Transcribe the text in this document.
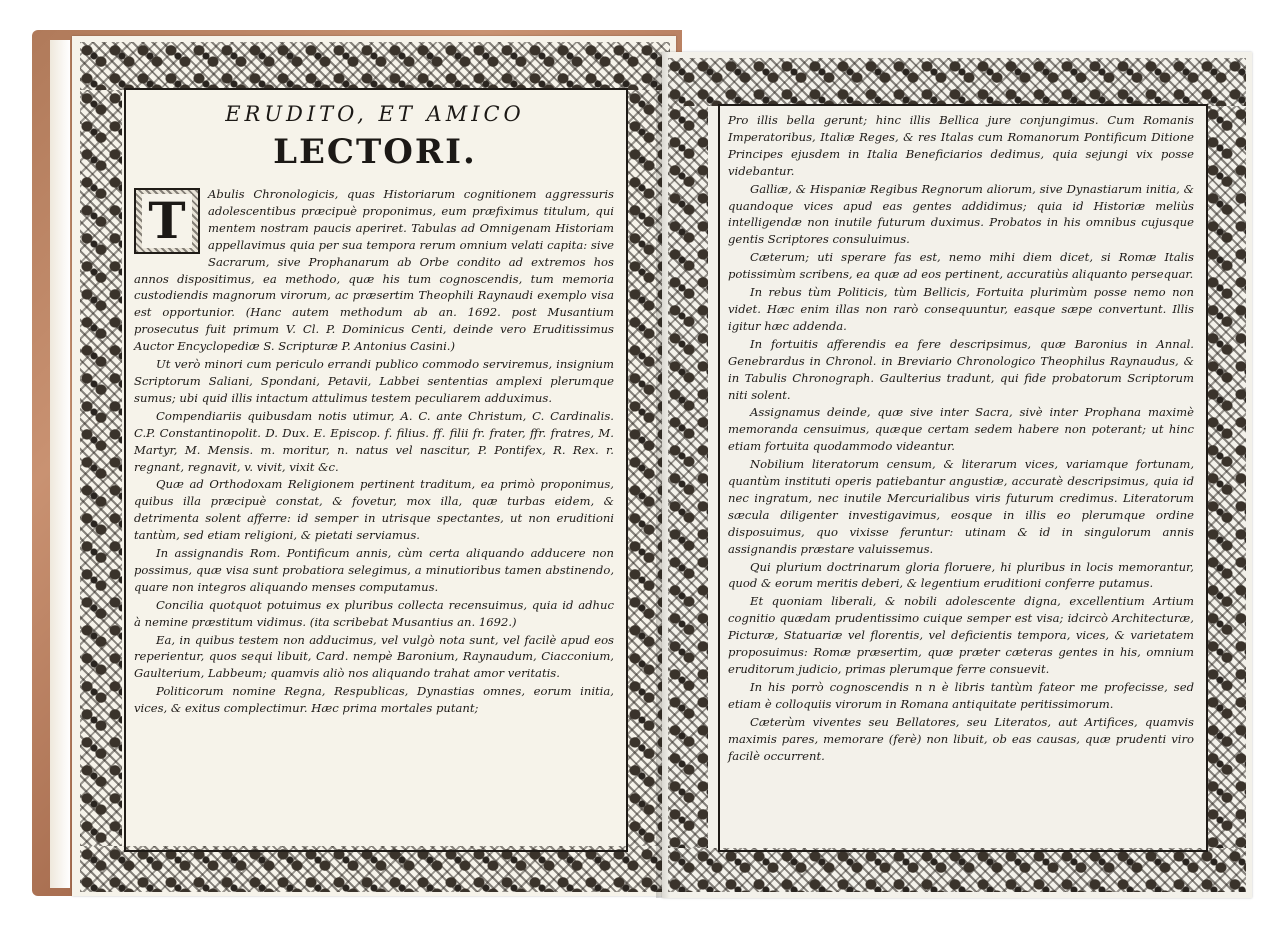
ERUDITO, ET AMICO
LECTORI.

T	Abulis Chronologicis, quas Historiarum cognitionem aggressuris adolescentibus præcipuè proponimus, eum præfiximus titulum, qui mentem nostram paucis aperiret. Tabulas ad Omnigenam Historiam appellavimus quia per sua tempora rerum omnium velati capita: sive Sacrarum, sive Prophanarum ab Orbe condito ad extremos hos annos dispositimus, ea methodo, quæ his tum cognoscendis, tum memoria custodiendis magnorum virorum, ac præsertim Theophili Raynaudi exemplo visa est opportunior. (Hanc autem methodum ab an. 1692. post Musantium prosecutus fuit primum V. Cl. P. Dominicus Centi, deinde vero Eruditissimus Auctor Encyclopediæ S. Scripturæ P. Antonius Casini.)

Ut verò minori cum periculo errandi publico commodo serviremus, insignium Scriptorum Saliani, Spondani, Petavii, Labbei sententias amplexi plerumque sumus; ubi quid illis intactum attulimus testem peculiarem adduximus.

Compendiariis quibusdam notis utimur, A. C. ante Christum, C. Cardinalis. C.P. Constantinopolit. D. Dux. E. Episcop. f. filius. ff. filii fr. frater, ffr. fratres, M. Martyr, M. Mensis. m. moritur, n. natus vel nascitur, P. Pontifex, R. Rex. r. regnant, regnavit, v. vivit, vixit &c.

Quæ ad Orthodoxam Religionem pertinent traditum, ea primò proponimus, quibus illa præcipuè constat, & fovetur, mox illa, quæ turbas eidem, & detrimenta solent afferre: id semper in utrisque spectantes, ut non eruditioni tantùm, sed etiam religioni, & pietati serviamus.

In assignandis Rom. Pontificum annis, cùm certa aliquando adducere non possimus, quæ visa sunt probatiora selegimus, a minutioribus tamen abstinendo, quare non integros aliquando menses computamus.

Concilia quotquot potuimus ex pluribus collecta recensuimus, quia id adhuc à nemine præstitum vidimus. (ita scribebat Musantius an. 1692.)

Ea, in quibus testem non adducimus, vel vulgò nota sunt, vel facilè apud eos reperientur, quos sequi libuit, Card. nempè Baronium, Raynaudum, Ciacconium, Gaulterium, Labbeum; quamvis aliò nos aliquando trahat amor veritatis.

Politicorum nomine Regna, Respublicas, Dynastias omnes, eorum initia, vices, & exitus complectimur. Hæc prima mortales putant;

Pro illis bella gerunt; hinc illis Bellica jure conjungimus. Cum Romanis Imperatoribus, Italiæ Reges, & res Italas cum Romanorum Pontificum Ditione Principes ejusdem in Italia Beneficiarios dedimus, quia sejungi vix posse videbantur.

Galliæ, & Hispaniæ Regibus Regnorum aliorum, sive Dynastiarum initia, & quandoque vices apud eas gentes addidimus; quia id Historiæ meliùs intelligendæ non inutile futurum duximus. Probatos in his omnibus cujusque gentis Scriptores consuluimus.

Cæterum; uti sperare fas est, nemo mihi diem dicet, si Romæ Italis potissimùm scribens, ea quæ ad eos pertinent, accuratiùs aliquanto persequar.

In rebus tùm Politicis, tùm Bellicis, Fortuita plurimùm posse nemo non videt. Hæc enim illas non rarò consequuntur, easque sæpe convertunt. Illis igitur hæc addenda.

In fortuitis afferendis ea fere descripsimus, quæ Baronius in Annal. Genebrardus in Chronol. in Breviario Chronologico Theophilus Raynaudus, & in Tabulis Chronograph. Gaulterius tradunt, qui fide probatorum Scriptorum niti solent.

Assignamus deinde, quæ sive inter Sacra, sivè inter Prophana maximè memoranda censuimus, quæque certam sedem habere non poterant; ut hinc etiam fortuita quodammodo videantur.

Nobilium literatorum censum, & literarum vices, variamque fortunam, quantùm instituti operis patiebantur angustiæ, accuratè descripsimus, quia id nec ingratum, nec inutile Mercurialibus viris futurum credimus. Literatorum sæcula diligenter investigavimus, eosque in illis eo plerumque ordine disposuimus, quo vixisse feruntur: utinam & id in singulorum annis assignandis præstare valuissemus.

Qui plurium doctrinarum gloria floruere, hi pluribus in locis memorantur, quod & eorum meritis deberi, & legentium eruditioni conferre putamus.

Et quoniam liberali, & nobili adolescente digna, excellentium Artium cognitio quædam prudentissimo cuique semper est visa; idcircò Architecturæ, Picturæ, Statuariæ vel florentis, vel deficientis tempora, vices, & varietatem proposuimus: Romæ præsertim, quæ præter cæteras gentes in his, omnium eruditorum judicio, primas plerumque ferre consuevit.

In his porrò cognoscendis n n è libris tantùm fateor me profecisse, sed etiam è colloquiis virorum in Romana antiquitate peritissimorum.

Cæterùm viventes seu Bellatores, seu Literatos, aut Artifices, quamvis maximis pares, memorare (ferè) non libuit, ob eas causas, quæ prudenti viro facilè occurrent.
